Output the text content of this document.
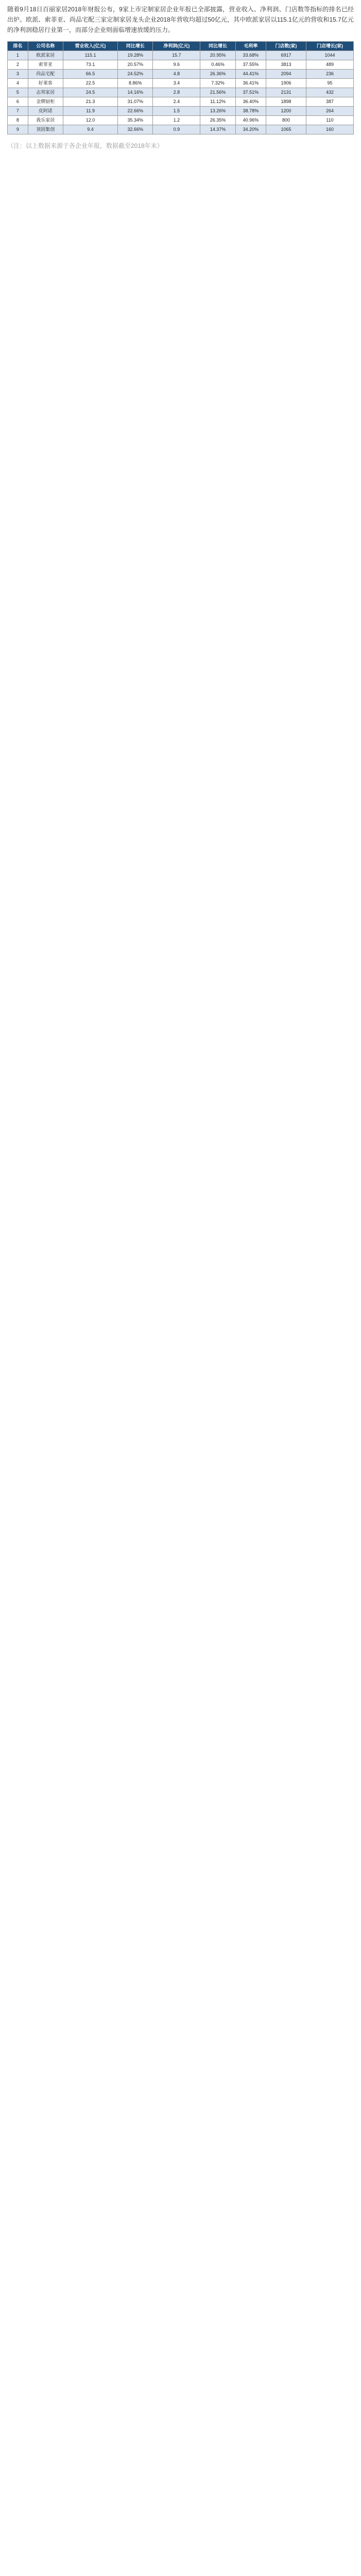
随着9月18日百丽家居2018年财报公布，9家上市定制家居企业年报已全部披露，营业收入、净利润、门店数等指标的排名已经出炉。欧派、索菲亚、尚品宅配三家定制家居龙头企业2018年营收均超过50亿元，其中欧派家居以115.1亿元的营收和15.7亿元的净利润稳居行业第一，而部分企业则面临增速放缓的压力。

排名	公司名称	营业收入(亿元)	同比增长	净利润(亿元)	同比增长	毛利率	门店数(家)	门店增长(家)
1	欧派家居	115.1	19.28%	15.7	20.95%	33.68%	6917	1044
2	索菲亚	73.1	20.57%	9.6	0.46%	37.55%	3813	489
3	尚品宅配	66.5	24.52%	4.8	26.36%	44.41%	2094	236
4	好莱客	22.5	8.86%	3.4	7.32%	36.41%	1906	95
5	志邦家居	24.5	14.16%	2.8	21.56%	37.51%	2131	432
6	金牌厨柜	21.3	31.07%	2.4	11.12%	36.40%	1898	387
7	皮阿诺	11.9	22.66%	1.5	13.26%	38.78%	1200	264
8	我乐家居	12.0	35.34%	1.2	26.35%	40.96%	800	110
9	顶固集创	9.4	32.66%	0.9	14.37%	34.20%	1065	160

（注：以上数据来源于各企业年报，数据截至2018年末）
